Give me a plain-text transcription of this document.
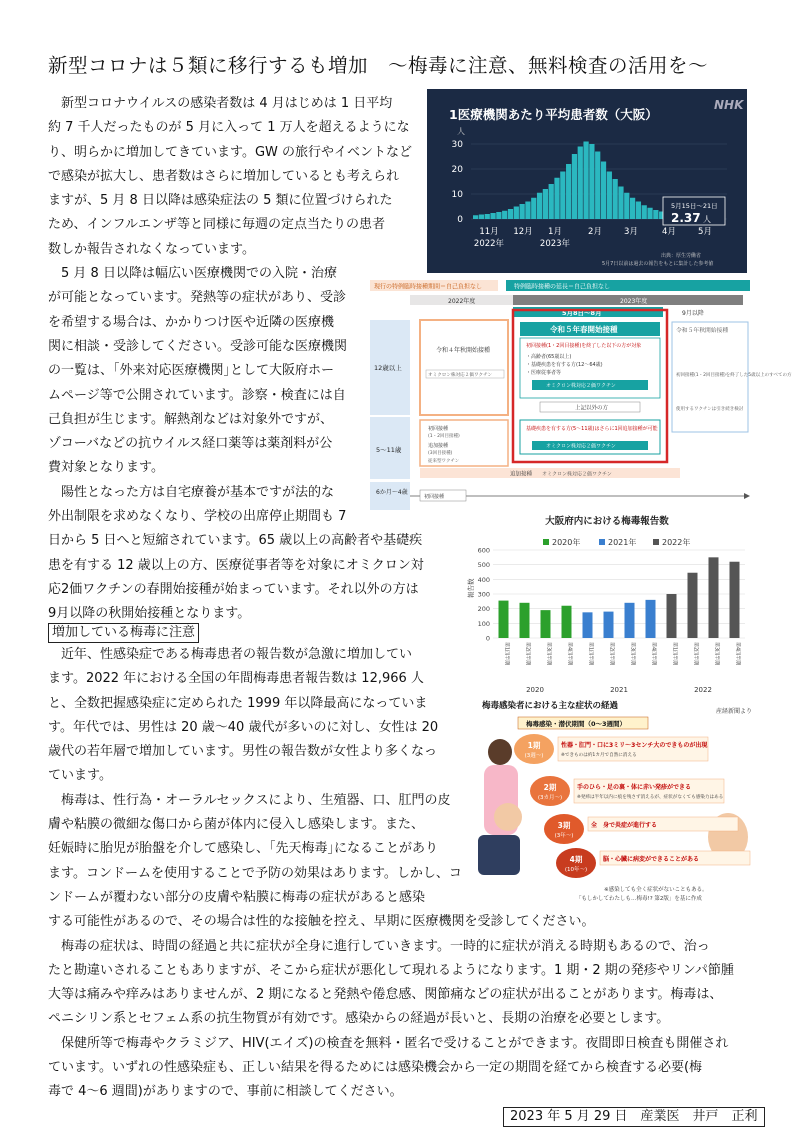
新型コロナは５類に移行するも増加　～梅毒に注意、無料検査の活用を～
　新型コロナウイルスの感染者数は 4 月はじめは 1 日平均
約 7 千人だったものが 5 月に入って 1 万人を超えるようにな
り、明らかに増加してきています。GW の旅行やイベントなど
で感染が拡大し、患者数はさらに増加しているとも考えられ
ますが、5 月 8 日以降は感染症法の 5 類に位置づけられた
ため、インフルエンザ等と同様に毎週の定点当たりの患者
数しか報告されなくなっています。
　5 月 8 日以降は幅広い医療機関での入院・治療
が可能となっています。発熱等の症状があり、受診
を希望する場合は、かかりつけ医や近隣の医療機
関に相談・受診してください。受診可能な医療機関
の一覧は、｢外来対応医療機関｣として大阪府ホー
ムページ等で公開されています。診察・検査には自
己負担が生じます。解熱剤などは対象外ですが、
ゾコーバなどの抗ウイルス経口薬等は薬剤料が公
費対象となります。
　陽性となった方は自宅療養が基本ですが法的な
外出制限を求めなくなり、学校の出席停止期間も 7
日から 5 日へと短縮されています。65 歳以上の高齢者や基礎疾
患を有する 12 歳以上の方、医療従事者等を対象にオミクロン対
応2価ワクチンの春開始接種が始まっています。それ以外の方は
9月以降の秋開始接種となります。
増加している梅毒に注意
　近年、性感染症である梅毒患者の報告数が急激に増加してい
ます。2022 年における全国の年間梅毒患者報告数は 12,966 人
と、全数把握感染症に定められた 1999 年以降最高になっていま
す。年代では、男性は 20 歳～40 歳代が多いのに対し、女性は 20
歳代の若年層で増加しています。男性の報告数が女性より多くなっ
ています。
　梅毒は、性行為・オーラルセックスにより、生殖器、口、肛門の皮
膚や粘膜の微細な傷口から菌が体内に侵入し感染します。また、
妊娠時に胎児が胎盤を介して感染し、｢先天梅毒｣になることがあり
ます。コンドームを使用することで予防の効果はあります。しかし、コ
ンドームが覆わない部分の皮膚や粘膜に梅毒の症状があると感染
する可能性があるので、その場合は性的な接触を控え、早期に医療機関を受診してください。
　梅毒の症状は、時間の経過と共に症状が全身に進行していきます。一時的に症状が消える時期もあるので、治っ
たと勘違いされることもありますが、そこから症状が悪化して現れるようになります。1 期・2 期の発疹やリンパ節腫
大等は痛みや痒みはありませんが、2 期になると発熱や倦怠感、関節痛などの症状が出ることがあります。梅毒は、
ペニシリン系とセフェム系の抗生物質が有効です。感染からの経過が長いと、長期の治療を必要とします。
　保健所等で梅毒やクラミジア、HIV(エイズ)の検査を無料・匿名で受けることができます。夜間即日検査も開催され
ています。いずれの性感染症も、正しい結果を得るためには感染機会から一定の期間を経てから検査する必要(梅
毒で 4～6 週間)がありますので、事前に相談してください。
2023 年 5 月 29 日　産業医　井戸　正利
1医療機関あたり平均患者数（大阪）
NHK
人
30
20
10
0
11月 12月 1月	2月	3月	4月	5月
2022年	2023年
5月15日～21日
2.37 人
出典：厚生労働省
5月7日以前は過去の報告をもとに集計した参考値
現行の特例臨時接種期間＝自己負担なし	特例臨時接種の延長＝自己負担なし
2022年度	2023年度
5月8日～8月	9月以降
12歳以上
5～11歳
6か月～4歳
令和４年秋開始接種
オミクロン株対応２価ワクチン
令和５年春開始接種
初回接種(1・2回目接種)を終了した以下の方が対象
・高齢者(65歳以上)
・基礎疾患を有する方(12～64歳)
・医療従事者等
オミクロン株対応２価ワクチン
上記以外の方
基礎疾患を有する方(5～11歳)はさらに1回追加接種が可能
オミクロン株対応２価ワクチン
令和５年秋開始接種
初回接種(1・2回目接種)を終了した5歳以上のすべての方
使用するワクチンは引き続き検討
初回接種
(1・2回目接種)
追加接種
(3回目接種)
従来型ワクチン
追加接種 オミクロン株対応２価ワクチン
初回接種
大阪府内における梅毒報告数
2020年	2021年	2022年
報告数
600
500
400
300
200
100
0
第1四半期	第2四半期	第3四半期	第4四半期
2020
第1四半期	第2四半期	第3四半期	第4四半期
2021
第1四半期	第2四半期	第3四半期	第4四半期
2022
梅毒感染者における主な症状の経過
産経新聞より
梅毒感染・潜伏期間（0～3週間）
1期
(3週～)
性器・肛門・口に3ミリ～3センチ大のできものが出現
※できものは約1カ月で自然に消える
2期
(3カ月～)
手のひら・足の裏・体に赤い発疹ができる
※発疹は半年以内に痕を残さず消えるが、症状がなくても感染力はある
3期
(3年～)
全　身で炎症が進行する
4期
(10年～)
脳・心臓に病変ができることがある
※感染しても全く症状がないこともある。
「もしかしてわたしも…梅毒!? 第2版」を基に作成
